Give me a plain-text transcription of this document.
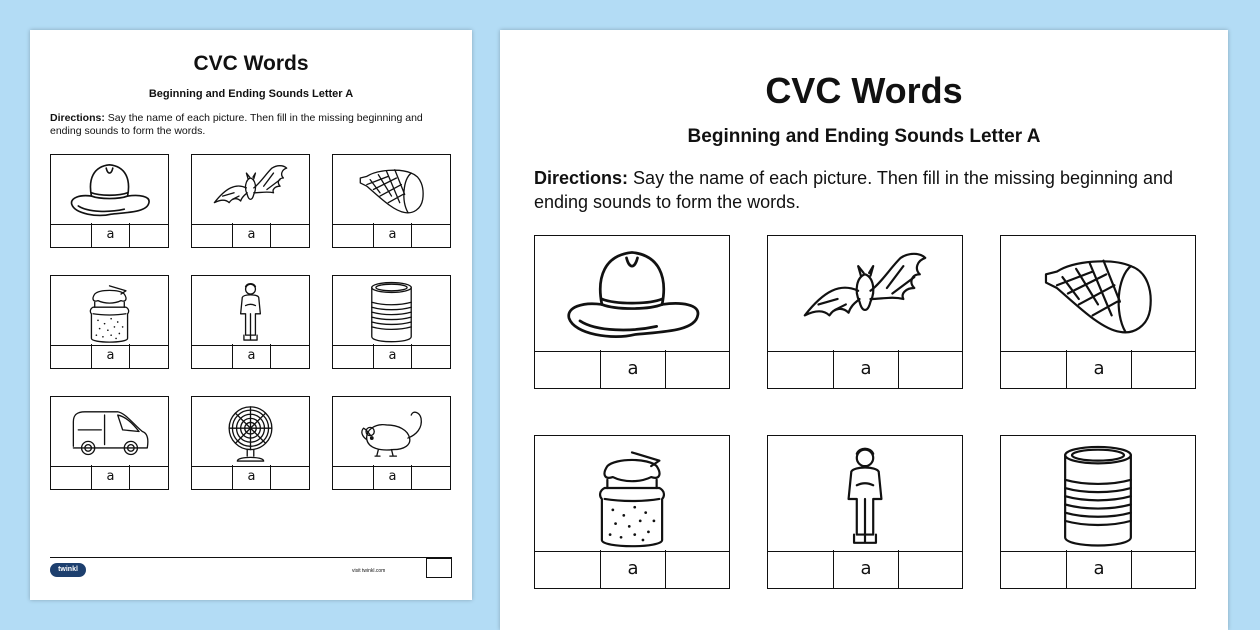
CVC Words
Beginning and Ending Sounds Letter A
Directions: Say the name of each picture. Then fill in the missing beginning and ending sounds to form the words.
a	a	a
a	a	a
a	a	a
twinkl	visit twinkl.com
CVC Words
Beginning and Ending Sounds Letter A
Directions: Say the name of each picture. Then fill in the missing beginning and ending sounds to form the words.
a	a	a
a	a	a
